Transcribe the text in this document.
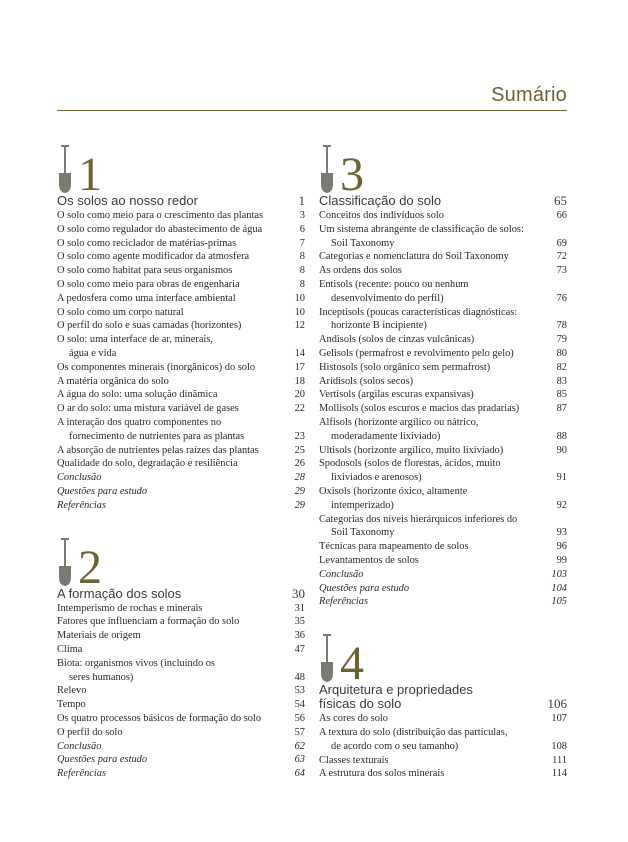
Sumário
1
Os solos ao nosso redor	1
O solo como meio para o crescimento das plantas	3
O solo como regulador do abastecimento de água	6
O solo como reciclador de matérias-primas	7
O solo como agente modificador da atmosfera	8
O solo como habitat para seus organismos	8
O solo como meio para obras de engenharia	8
A pedosfera como uma interface ambiental	10
O solo como um corpo natural	10
O perfil do solo e suas camadas (horizontes)	12
O solo: uma interface de ar, minerais,
água e vida	14
Os componentes minerais (inorgânicos) do solo	17
A matéria orgânica do solo	18
A água do solo: uma solução dinâmica	20
O ar do solo: uma mistura variável de gases	22
A interação dos quatro componentes no
fornecimento de nutrientes para as plantas	23
A absorção de nutrientes pelas raízes das plantas	25
Qualidade do solo, degradação e resiliência	26
Conclusão	28
Questões para estudo	29
Referências	29
2
A formação dos solos	30
Intemperismo de rochas e minerais	31
Fatores que influenciam a formação do solo	35
Materiais de origem	36
Clima	47
Biota: organismos vivos (incluindo os
seres humanos)	48
Relevo	53
Tempo	54
Os quatro processos básicos de formação do solo	56
O perfil do solo	57
Conclusão	62
Questões para estudo	63
Referências	64
3
Classificação do solo	65
Conceitos dos indivíduos solo	66
Um sistema abrangente de classificação de solos:
Soil Taxonomy	69
Categorias e nomenclatura do Soil Taxonomy	72
As ordens dos solos	73
Entisols (recente: pouco ou nenhum
desenvolvimento do perfil)	76
Inceptisols (poucas características diagnósticas:
horizonte B incipiente)	78
Andisols (solos de cinzas vulcânicas)	79
Gelisols (permafrost e revolvimento pelo gelo)	80
Histosols (solo orgânico sem permafrost)	82
Aridisols (solos secos)	83
Vertisols (argilas escuras expansivas)	85
Mollisols (solos escuros e macios das pradarias)	87
Alfisols (horizonte argílico ou nátrico,
moderadamente lixiviado)	88
Ultisols (horizonte argílico, muito lixiviado)	90
Spodosols (solos de florestas, ácidos, muito
lixiviados e arenosos)	91
Oxisols (horizonte óxico, altamente
intemperizado)	92
Categorias dos níveis hierárquicos inferiores do
Soil Taxonomy	93
Técnicas para mapeamento de solos	96
Levantamentos de solos	99
Conclusão	103
Questões para estudo	104
Referências	105
4
Arquitetura e propriedades
físicas do solo	106
As cores do solo	107
A textura do solo (distribuição das partículas,
de acordo com o seu tamanho)	108
Classes texturais	111
A estrutura dos solos minerais	114
